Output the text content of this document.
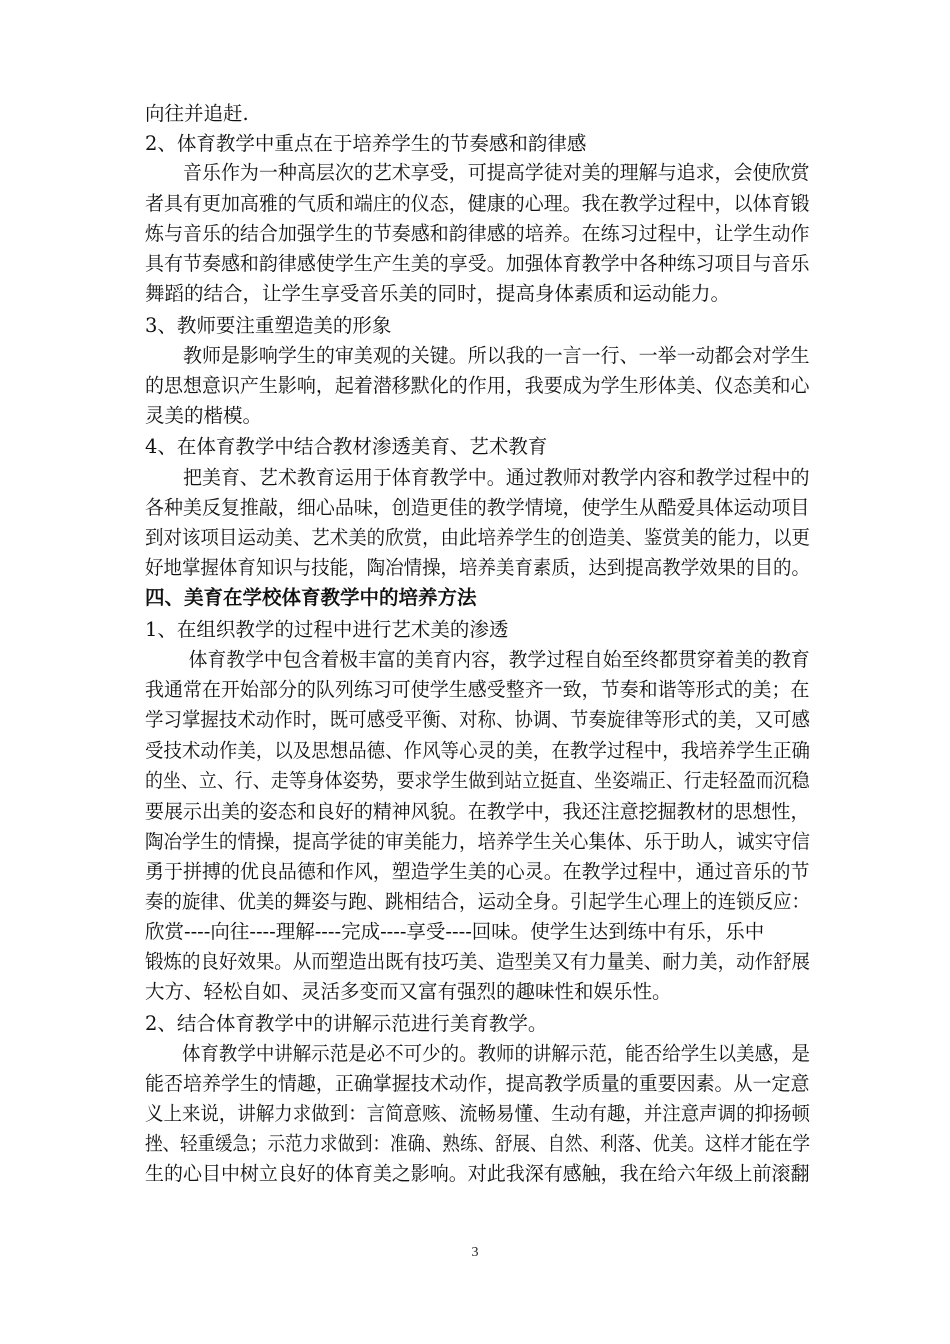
向往并追赶.
2、体育教学中重点在于培养学生的节奏感和韵律感
　　音乐作为一种高层次的艺术享受，可提高学徒对美的理解与追求，会使欣赏
者具有更加高雅的气质和端庄的仪态，健康的心理。我在教学过程中，以体育锻
炼与音乐的结合加强学生的节奏感和韵律感的培养。在练习过程中，让学生动作
具有节奏感和韵律感使学生产生美的享受。加强体育教学中各种练习项目与音乐
舞蹈的结合，让学生享受音乐美的同时，提高身体素质和运动能力。
3、教师要注重塑造美的形象
　　教师是影响学生的审美观的关键。所以我的一言一行、一举一动都会对学生
的思想意识产生影响，起着潜移默化的作用，我要成为学生形体美、仪态美和心
灵美的楷模。
4、在体育教学中结合教材渗透美育、艺术教育
　　把美育、艺术教育运用于体育教学中。通过教师对教学内容和教学过程中的
各种美反复推敲，细心品味，创造更佳的教学情境，使学生从酷爱具体运动项目
到对该项目运动美、艺术美的欣赏，由此培养学生的创造美、鉴赏美的能力，以更
好地掌握体育知识与技能，陶冶情操，培养美育素质，达到提高教学效果的目的。
四、美育在学校体育教学中的培养方法
1、在组织教学的过程中进行艺术美的渗透
　　 体育教学中包含着极丰富的美育内容，教学过程自始至终都贯穿着美的教育
我通常在开始部分的队列练习可使学生感受整齐一致，节奏和谐等形式的美；在
学习掌握技术动作时，既可感受平衡、对称、协调、节奏旋律等形式的美，又可感
受技术动作美，以及思想品德、作风等心灵的美，在教学过程中，我培养学生正确
的坐、立、行、走等身体姿势，要求学生做到站立挺直、坐姿端正、行走轻盈而沉稳
要展示出美的姿态和良好的精神风貌。在教学中，我还注意挖掘教材的思想性，
陶冶学生的情操，提高学徒的审美能力，培养学生关心集体、乐于助人，诚实守信
勇于拼搏的优良品德和作风，塑造学生美的心灵。在教学过程中，通过音乐的节
奏的旋律、优美的舞姿与跑、跳相结合，运动全身。引起学生心理上的连锁反应：
欣赏----向往----理解----完成----享受----回味。使学生达到练中有乐，乐中
锻炼的良好效果。从而塑造出既有技巧美、造型美又有力量美、耐力美，动作舒展
大方、轻松自如、灵活多变而又富有强烈的趣味性和娱乐性。
2、结合体育教学中的讲解示范进行美育教学。
　　体育教学中讲解示范是必不可少的。教师的讲解示范，能否给学生以美感，是
能否培养学生的情趣，正确掌握技术动作，提高教学质量的重要因素。从一定意
义上来说，讲解力求做到：言简意赅、流畅易懂、生动有趣，并注意声调的抑扬顿
挫、轻重缓急；示范力求做到：准确、熟练、舒展、自然、利落、优美。这样才能在学
生的心目中树立良好的体育美之影响。对此我深有感触，我在给六年级上前滚翻
3
